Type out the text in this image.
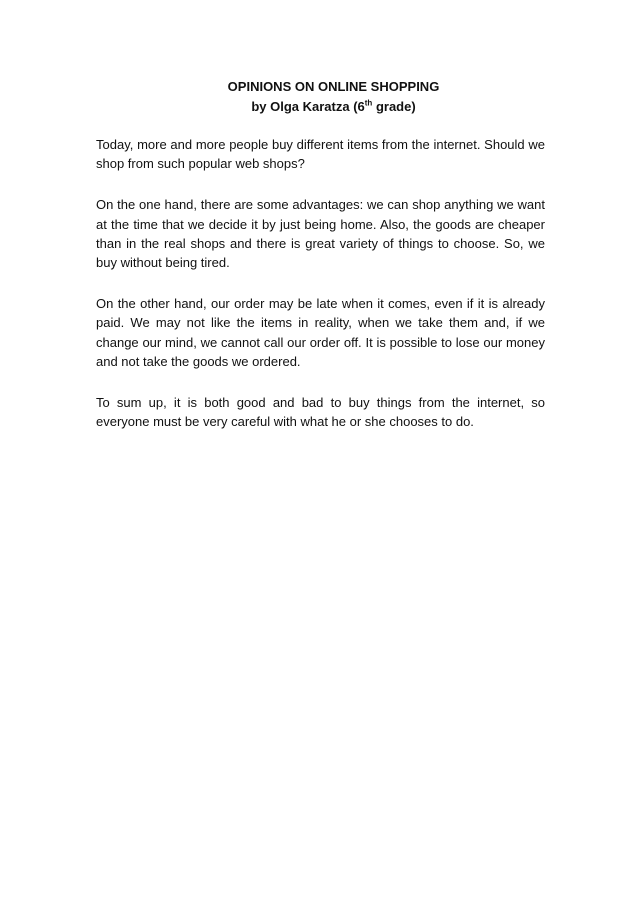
OPINIONS ON ONLINE SHOPPING
by Olga Karatza (6th grade)

Today, more and more people buy different items from the internet. Should we shop from such popular web shops?

On the one hand, there are some advantages: we can shop anything we want at the time that we decide it by just being home. Also, the goods are cheaper than in the real shops and there is great variety of things to choose. So, we buy without being tired.

On the other hand, our order may be late when it comes, even if it is already paid. We may not like the items in reality, when we take them and, if we change our mind, we cannot call our order off. It is possible to lose our money and not take the goods we ordered.

To sum up, it is both good and bad to buy things from the internet, so everyone must be very careful with what he or she chooses to do.
